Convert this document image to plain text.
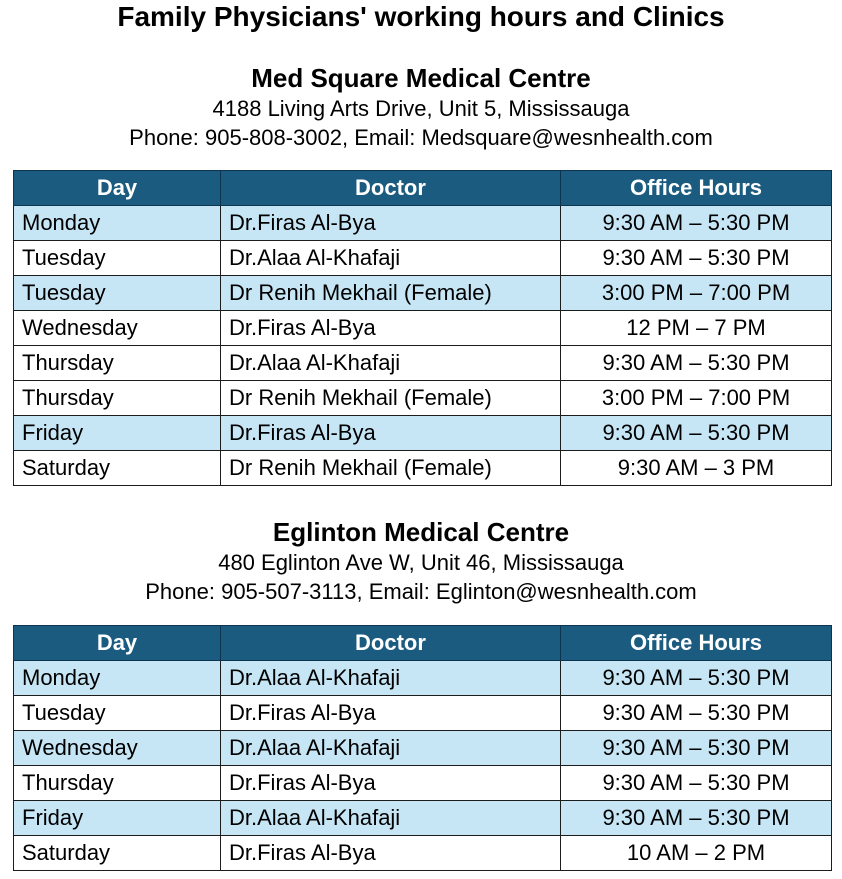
Family Physicians' working hours and Clinics
Med Square Medical Centre
4188 Living Arts Drive, Unit 5, Mississauga
Phone: 905-808-3002, Email: Medsquare@wesnhealth.com
Day	Doctor	Office Hours
Monday	Dr.Firas Al-Bya	9:30 AM – 5:30 PM
Tuesday	Dr.Alaa Al-Khafaji	9:30 AM – 5:30 PM
Tuesday	Dr Renih Mekhail (Female)	3:00 PM – 7:00 PM
Wednesday	Dr.Firas Al-Bya	12 PM – 7 PM
Thursday	Dr.Alaa Al-Khafaji	9:30 AM – 5:30 PM
Thursday	Dr Renih Mekhail (Female)	3:00 PM – 7:00 PM
Friday	Dr.Firas Al-Bya	9:30 AM – 5:30 PM
Saturday	Dr Renih Mekhail (Female)	9:30 AM – 3 PM
Eglinton Medical Centre
480 Eglinton Ave W, Unit 46, Mississauga
Phone: 905-507-3113, Email: Eglinton@wesnhealth.com
Day	Doctor	Office Hours
Monday	Dr.Alaa Al-Khafaji	9:30 AM – 5:30 PM
Tuesday	Dr.Firas Al-Bya	9:30 AM – 5:30 PM
Wednesday	Dr.Alaa Al-Khafaji	9:30 AM – 5:30 PM
Thursday	Dr.Firas Al-Bya	9:30 AM – 5:30 PM
Friday	Dr.Alaa Al-Khafaji	9:30 AM – 5:30 PM
Saturday	Dr.Firas Al-Bya	10 AM – 2 PM
